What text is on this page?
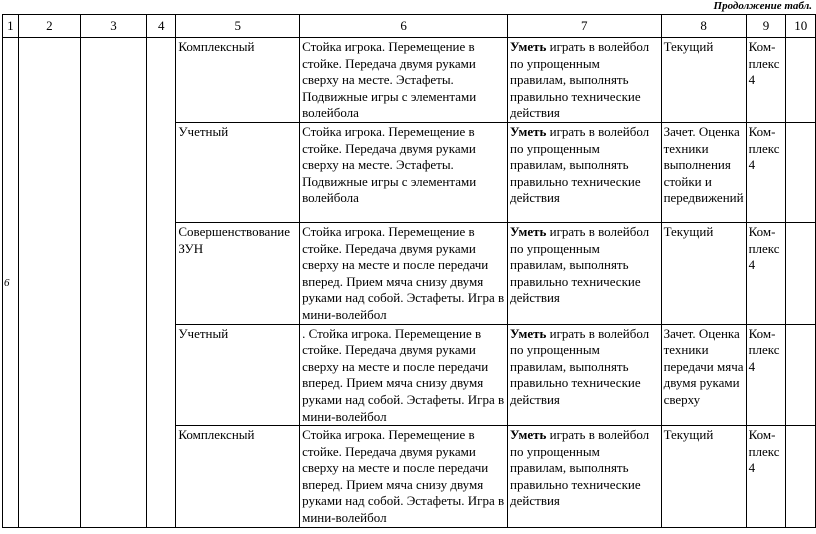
Продолжение табл.
1	2	3	4	5	6	7	8	9	10
6				Комплексный	Стойка игрока. Перемещение в стойке. Передача двумя руками сверху на месте. Эстафеты. Подвижные игры с элементами волейбола	Уметь играть в волейбол по упрощенным правилам, выполнять правильно технические действия	Текущий	Ком-плекс 4	
				Учетный	Стойка игрока. Перемещение в стойке. Передача двумя руками сверху на месте. Эстафеты. Подвижные игры с элементами волейбола	Уметь играть в волейбол по упрощенным правилам, выполнять правильно технические действия	Зачет. Оценка техники выполнения стойки и передвижений	Ком-плекс 4	
				Совершенствование ЗУН	Стойка игрока. Перемещение в стойке. Передача двумя руками сверху на месте и после передачи вперед. Прием мяча снизу двумя руками над собой. Эстафеты. Игра в мини-волейбол	Уметь играть в волейбол по упрощенным правилам, выполнять правильно технические действия	Текущий	Ком-плекс 4	
				Учетный	. Стойка игрока. Перемещение в стойке. Передача двумя руками сверху на месте и после передачи вперед. Прием мяча снизу двумя руками над собой. Эстафеты. Игра в мини-волейбол	Уметь играть в волейбол по упрощенным правилам, выполнять правильно технические действия	Зачет. Оценка техники передачи мяча двумя руками сверху	Ком-плекс 4	
				Комплексный	Стойка игрока. Перемещение в стойке. Передача двумя руками сверху на месте и после передачи вперед. Прием мяча снизу двумя руками над собой. Эстафеты. Игра в мини-волейбол	Уметь играть в волейбол по упрощенным правилам, выполнять правильно технические действия	Текущий	Ком-плекс 4	
